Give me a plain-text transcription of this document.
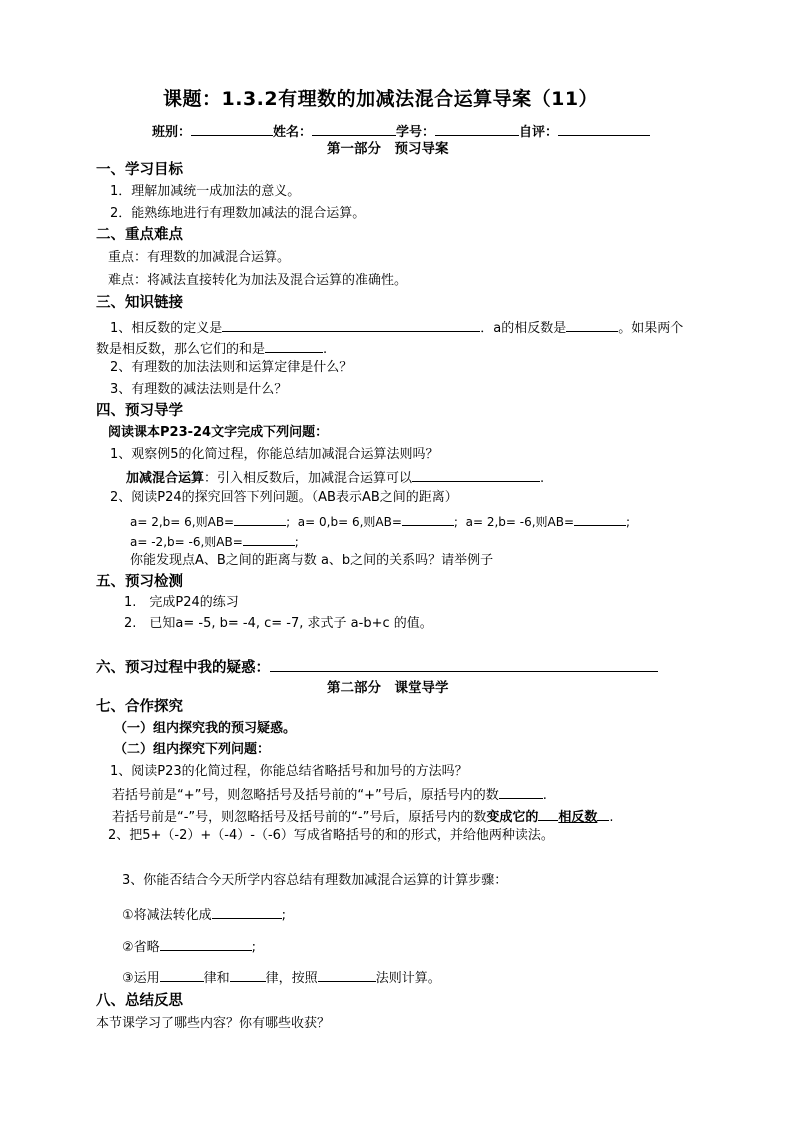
课题：1.3.2有理数的加减法混合运算导案（11）
班别：	姓名：	学号：	自评：
第一部分　预习导案
一、学习目标
1．理解加减统一成加法的意义。
2．能熟练地进行有理数加减法的混合运算。
二、重点难点
重点：有理数的加减混合运算。
难点：将减法直接转化为加法及混合运算的准确性。
三、知识链接
1、相反数的定义是	．a的相反数是	。如果两个
数是相反数，那么它们的和是	.
2、有理数的加法法则和运算定律是什么？
3、有理数的减法法则是什么？
四、预习导学
阅读课本P23-24文字完成下列问题：
1、观察例5的化简过程，你能总结加减混合运算法则吗？
加减混合运算：引入相反数后，加减混合运算可以	.
2、阅读P24的探究回答下列问题。（AB表示AB之间的距离）
a= 2,b= 6,则AB=	; a= 0,b= 6,则AB=	; a= 2,b= -6,则AB=	;
a= -2,b= -6,则AB=	;
你能发现点A、B之间的距离与数 a、b之间的关系吗？请举例子
五、预习检测
1.　完成P24的练习
2.　已知a= -5, b= -4, c= -7, 求式子 a-b+c 的值。
六、预习过程中我的疑惑：
第二部分　课堂导学
七、合作探究
（一）组内探究我的预习疑惑。
（二）组内探究下列问题：
1、阅读P23的化简过程，你能总结省略括号和加号的方法吗？
若括号前是“+”号，则忽略括号及括号前的“+”号后，原括号内的数	.
若括号前是“-”号，则忽略括号及括号前的“-”号后，原括号内的数变成它的 相反数 .
2、把5+（-2）+（-4）-（-6）写成省略括号的和的形式，并给他两种读法。
3、你能否结合今天所学内容总结有理数加减混合运算的计算步骤：
①将减法转化成	;
②省略	;
③运用	律和	律，按照	法则计算。
八、总结反思
本节课学习了哪些内容？你有哪些收获？
